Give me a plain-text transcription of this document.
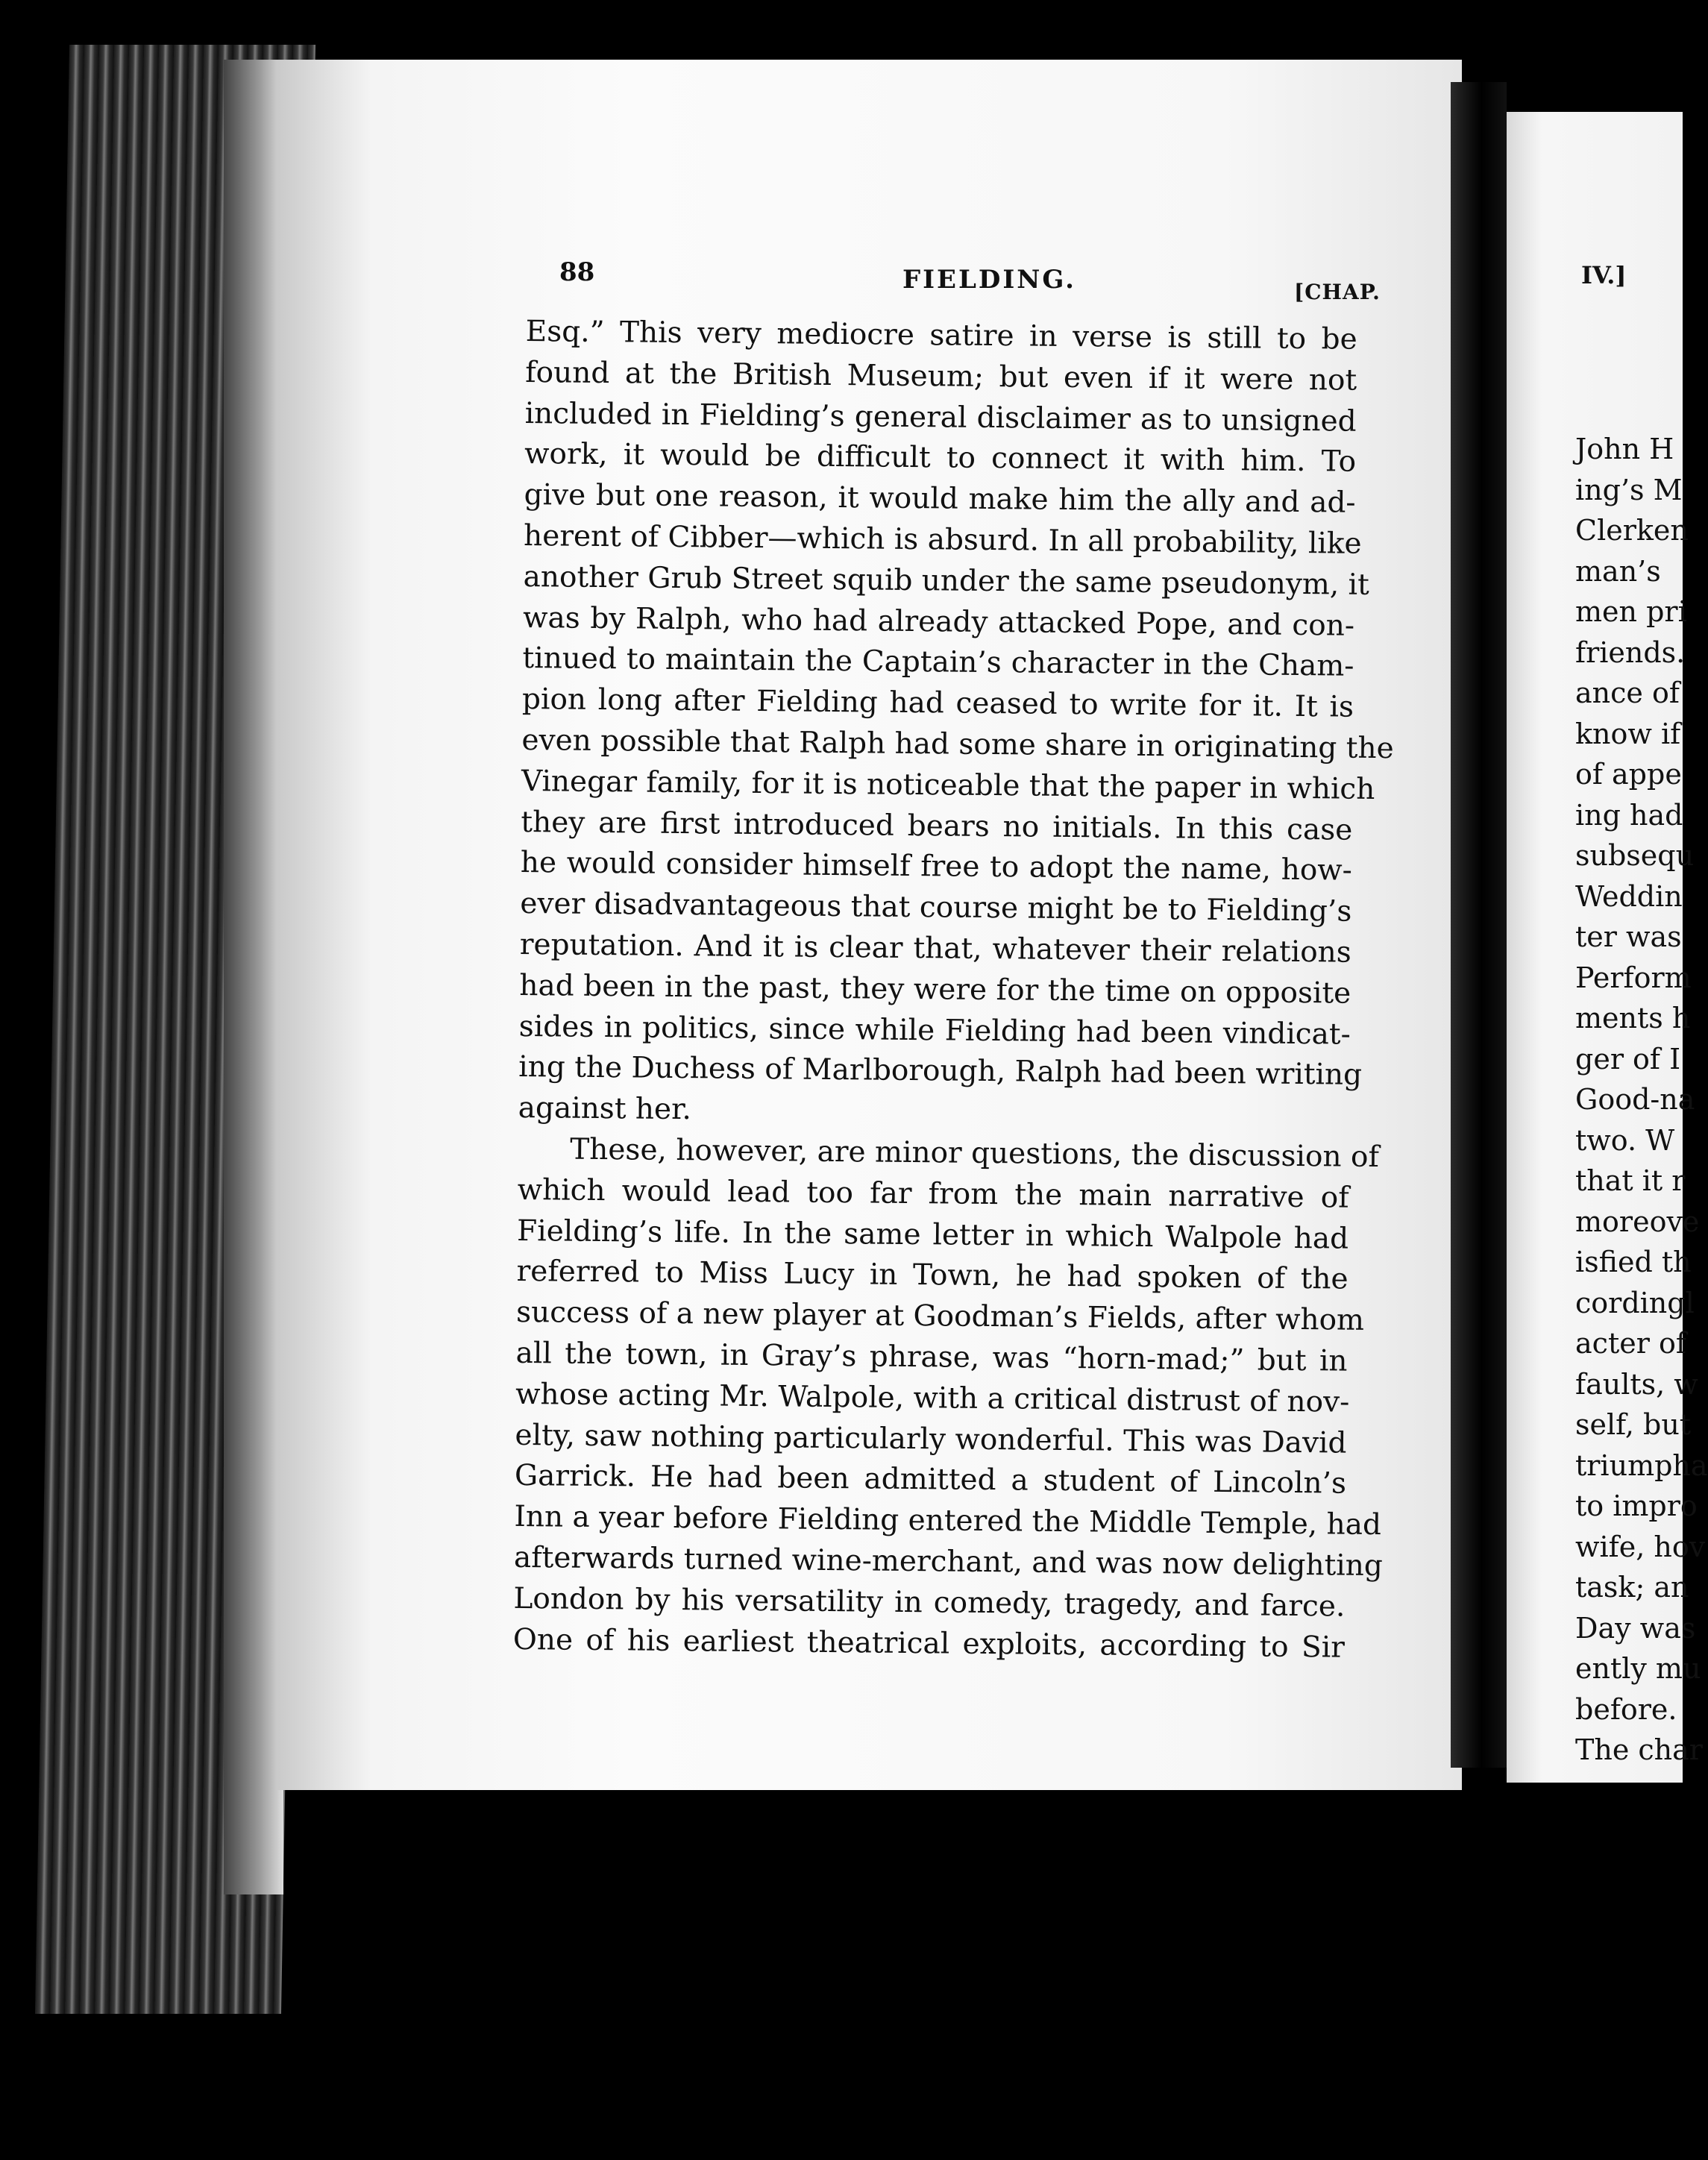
88	FIELDING.	[CHAP.
Esq.” This very mediocre satire in verse is still to be
found at the British Museum; but even if it were not
included in Fielding’s general disclaimer as to unsigned
work, it would be difficult to connect it with him. To
give but one reason, it would make him the ally and ad-
herent of Cibber—which is absurd. In all probability, like
another Grub Street squib under the same pseudonym, it
was by Ralph, who had already attacked Pope, and con-
tinued to maintain the Captain’s character in the Cham-
pion long after Fielding had ceased to write for it. It is
even possible that Ralph had some share in originating the
Vinegar family, for it is noticeable that the paper in which
they are first introduced bears no initials. In this case
he would consider himself free to adopt the name, how-
ever disadvantageous that course might be to Fielding’s
reputation. And it is clear that, whatever their relations
had been in the past, they were for the time on opposite
sides in politics, since while Fielding had been vindicat-
ing the Duchess of Marlborough, Ralph had been writing
against her.
These, however, are minor questions, the discussion of
which would lead too far from the main narrative of
Fielding’s life. In the same letter in which Walpole had
referred to Miss Lucy in Town, he had spoken of the
success of a new player at Goodman’s Fields, after whom
all the town, in Gray’s phrase, was “horn-mad;” but in
whose acting Mr. Walpole, with a critical distrust of nov-
elty, saw nothing particularly wonderful. This was David
Garrick. He had been admitted a student of Lincoln’s
Inn a year before Fielding entered the Middle Temple, had
afterwards turned wine-merchant, and was now delighting
London by his versatility in comedy, tragedy, and farce.
One of his earliest theatrical exploits, according to Sir
IV.]
John H
ing’s M
Clerken
man’s
men pri
friends.
ance of
know if
of appe
ing had
subsequ
Weddin
ter was
Perform
ments h
ger of I
Good-na
two. W
that it r
moreove
isfied th
cordingl
acter of
faults, w
self, but
triumpha
to impro
wife, hov
task; an
Day was
ently mu
before.
The char
